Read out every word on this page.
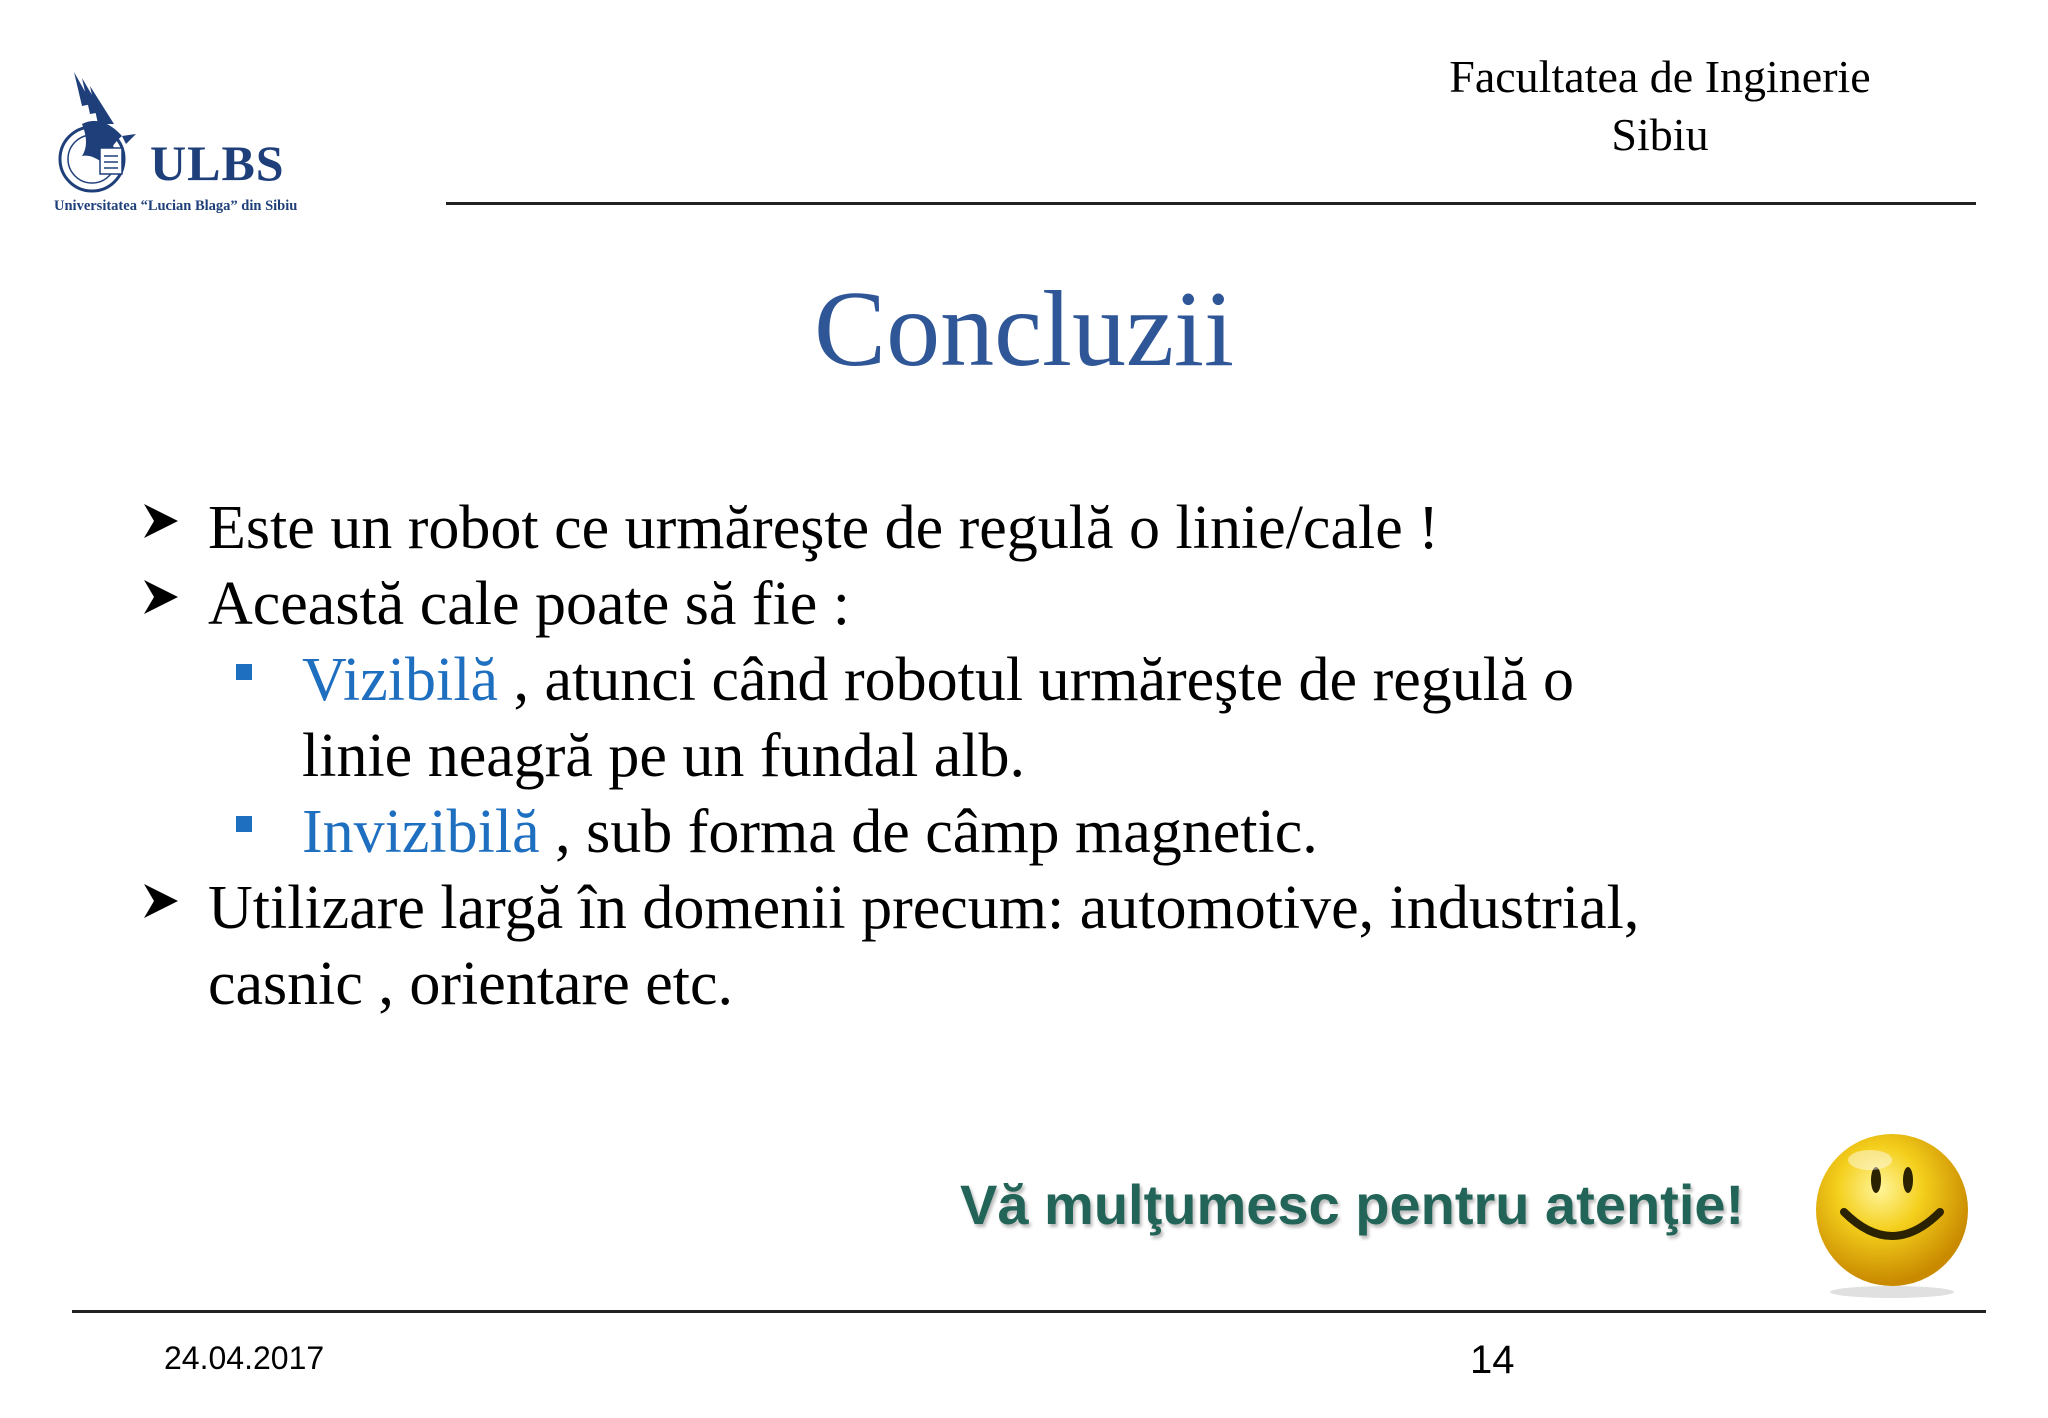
ULBS
Universitatea “Lucian Blaga” din Sibiu
Facultatea de Inginerie
Sibiu
Concluzii
Este un robot ce urmăreşte de regulă o linie/cale !
Această cale poate să fie :
Vizibilă , atunci când robotul urmăreşte de regulă o
linie neagră pe un fundal alb.
Invizibilă , sub forma de câmp magnetic.
Utilizare largă în domenii precum: automotive, industrial,
casnic , orientare etc.
Vă mulţumesc pentru atenţie!
24.04.2017	14
